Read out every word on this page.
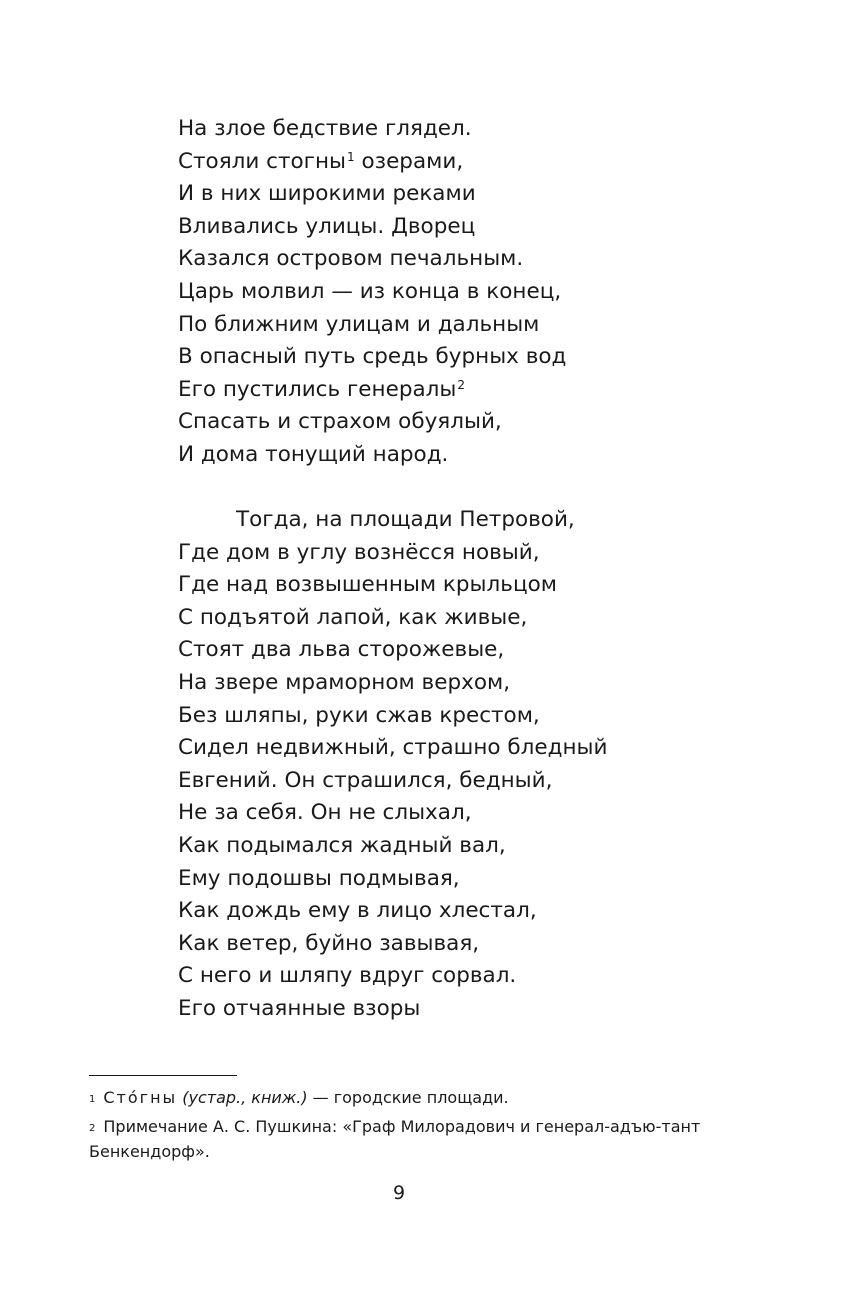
На злое бедствие глядел.
Стояли стогны$^1$ озерами,
И в них широкими реками
Вливались улицы. Дворец
Казался островом печальным.
Царь молвил — из конца в конец,
По ближним улицам и дальным
В опасный путь средь бурных вод
Его пустились генералы$^2$
Спасать и страхом обуялый,
И дома тонущий народ.
Тогда, на площади Петровой,
Где дом в углу вознёсся новый,
Где над возвышенным крыльцом
С подъятой лапой, как живые,
Стоят два льва сторожевые,
На звере мраморном верхом,
Без шляпы, руки сжав крестом,
Сидел недвижный, страшно бледный
Евгений. Он страшился, бедный,
Не за себя. Он не слыхал,
Как подымался жадный вал,
Ему подошвы подмывая,
Как дождь ему в лицо хлестал,
Как ветер, буйно завывая,
С него и шляпу вдруг сорвал.
Его отчаянные взоры

$^1$ Сто́гны (устар., книж.) — городские площади.

$^2$ Примечание А. С. Пушкина: «Граф Милорадович и генерал-адъю-тант Бенкендорф».

9
